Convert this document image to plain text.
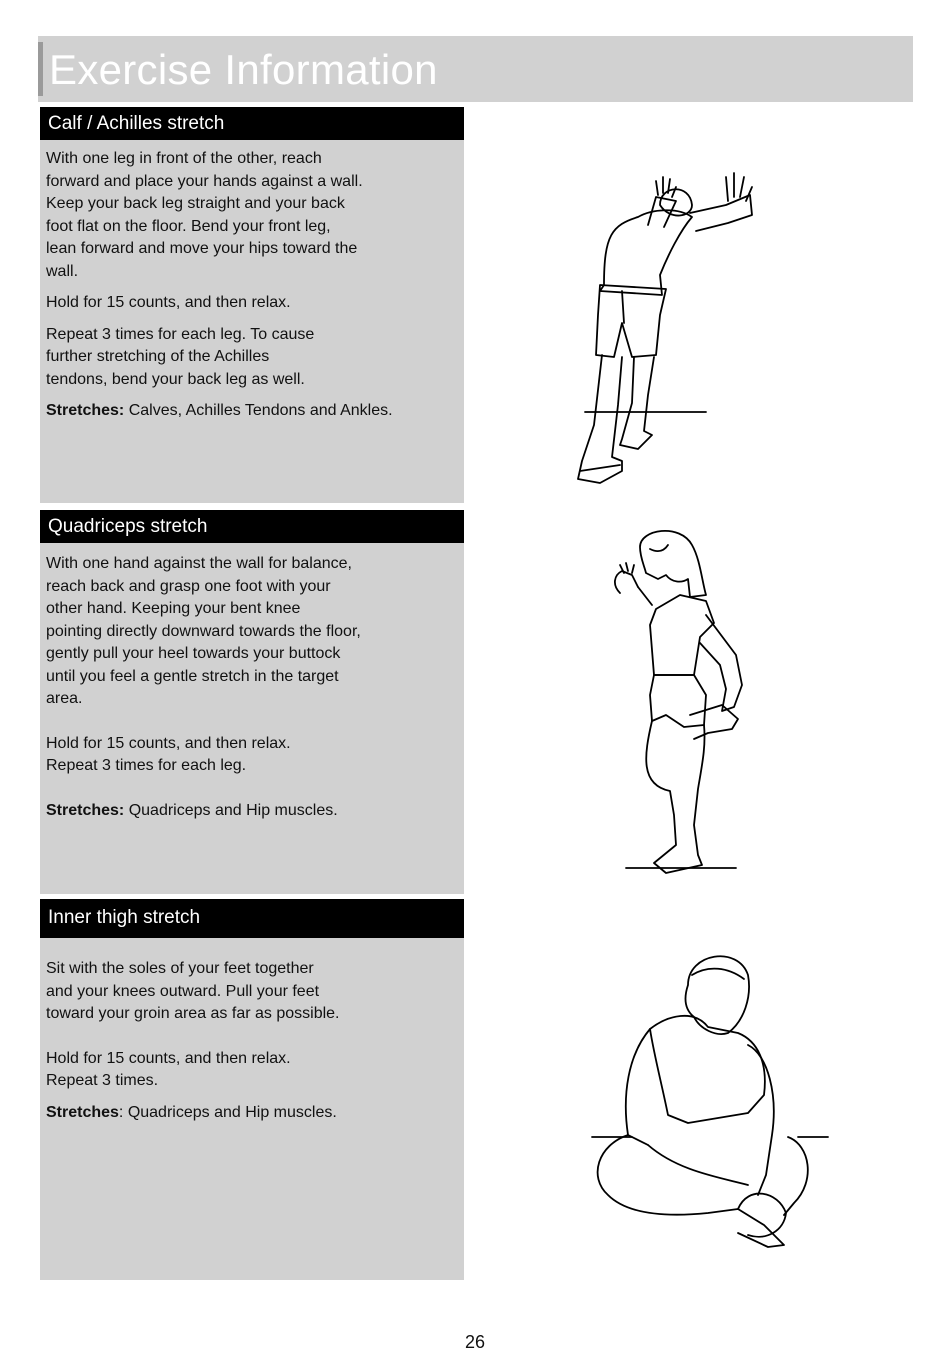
Exercise Information
Calf / Achilles stretch

With one leg in front of the other, reach
forward and place your hands against a wall.
Keep your back leg straight and your back
foot flat on the floor. Bend your front leg,
lean forward and move your hips toward the
wall.

Hold for 15 counts, and then relax.

Repeat 3 times for each leg. To cause
further stretching of the Achilles
tendons, bend your back leg as well.

Stretches: Calves, Achilles Tendons and Ankles.

Quadriceps stretch

With one hand against the wall for balance,
reach back and grasp one foot with your
other hand. Keeping your bent knee
pointing directly downward towards the floor,
gently pull your heel towards your buttock
until you feel a gentle stretch in the target
area.

Hold for 15 counts, and then relax.
Repeat 3 times for each leg.

Stretches: Quadriceps and Hip muscles.

Inner thigh stretch

Sit with the soles of your feet together
and your knees outward. Pull your feet
toward your groin area as far as possible.

Hold for 15 counts, and then relax.
Repeat 3 times.

Stretches: Quadriceps and Hip muscles.

26
